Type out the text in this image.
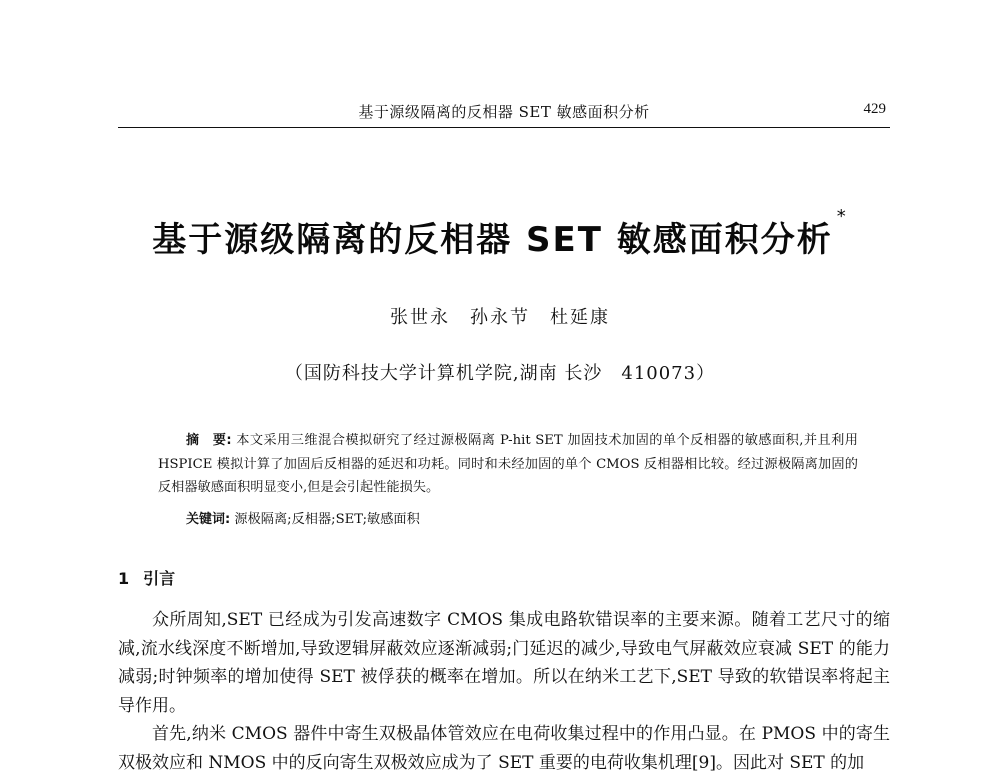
基于源级隔离的反相器 SET 敏感面积分析	429
基于源级隔离的反相器 SET 敏感面积分析*
张世永　孙永节　杜延康
（国防科技大学计算机学院,湖南 长沙　410073）

摘　要: 本文采用三维混合模拟研究了经过源极隔离 P-hit SET 加固技术加固的单个反相器的敏感面积,并且利用 HSPICE 模拟计算了加固后反相器的延迟和功耗。同时和未经加固的单个 CMOS 反相器相比较。经过源极隔离加固的反相器敏感面积明显变小,但是会引起性能损失。

关键词: 源极隔离;反相器;SET;敏感面积
1 引言

众所周知,SET 已经成为引发高速数字 CMOS 集成电路软错误率的主要来源。随着工艺尺寸的缩减,流水线深度不断增加,导致逻辑屏蔽效应逐渐减弱;门延迟的减少,导致电气屏蔽效应衰减 SET 的能力减弱;时钟频率的增加使得 SET 被俘获的概率在增加。所以在纳米工艺下,SET 导致的软错误率将起主导作用。

首先,纳米 CMOS 器件中寄生双极晶体管效应在电荷收集过程中的作用凸显。在 PMOS 中的寄生双极效应和 NMOS 中的反向寄生双极效应成为了 SET 重要的电荷收集机理[9]。因此对 SET 的加
